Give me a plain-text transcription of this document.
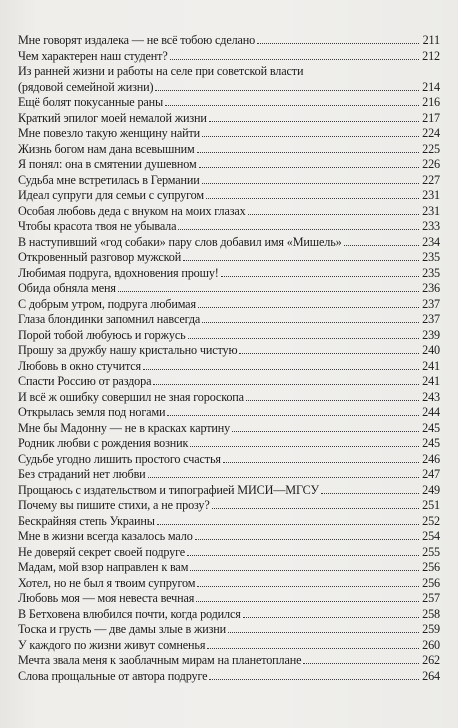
Мне говорят издалека — не всё тобою сделано	211
Чем характерен наш студент?	212
Из ранней жизни и работы на селе при советской власти
(рядовой семейной жизни)	214
Ещё болят покусанные раны	216
Краткий эпилог моей немалой жизни	217
Мне повезло такую женщину найти	224
Жизнь богом нам дана всевышним	225
Я понял: она в смятении душевном	226
Судьба мне встретилась в Германии	227
Идеал супруги для семьи с супругом	231
Особая любовь деда с внуком на моих глазах	231
Чтобы красота твоя не убывала	233
В наступивший «год собаки» пару слов добавил имя «Мишель»	234
Откровенный разговор мужской	235
Любимая подруга, вдохновения прошу!	235
Обида обняла меня	236
С добрым утром, подруга любимая	237
Глаза блондинки запомнил навсегда	237
Порой тобой любуюсь и горжусь	239
Прошу за дружбу нашу кристально чистую	240
Любовь в окно стучится	241
Спасти Россию от раздора	241
И всё ж ошибку совершил не зная гороскопа	243
Открылась земля под ногами	244
Мне бы Мадонну — не в красках картину	245
Родник любви с рождения возник	245
Судьбе угодно лишить простого счастья	246
Без страданий нет любви	247
Прощаюсь с издательством и типографией МИСИ—МГСУ	249
Почему вы пишите стихи, а не прозу?	251
Бескрайняя степь Украины	252
Мне в жизни всегда казалось мало	254
Не доверяй секрет своей подруге	255
Мадам, мой взор направлен к вам	256
Хотел, но не был я твоим супругом	256
Любовь моя — моя невеста вечная	257
В Бетховена влюбился почти, когда родился	258
Тоска и грусть — две дамы злые в жизни	259
У каждого по жизни живут сомненья	260
Мечта звала меня к заоблачным мирам на планетоплане	262
Слова прощальные от автора подруге	264
